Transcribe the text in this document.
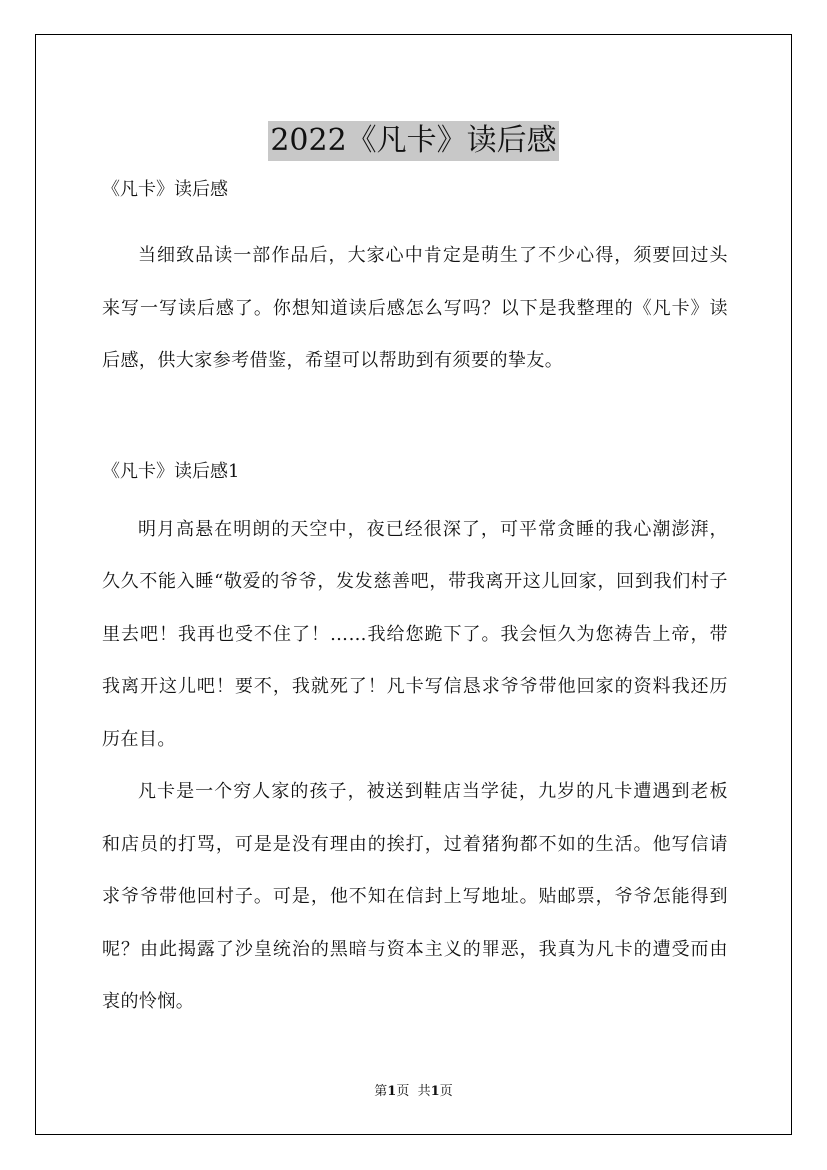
2022《凡卡》读后感

《凡卡》读后感

当细致品读一部作品后，大家心中肯定是萌生了不少心得，须要回过头来写一写读后感了。你想知道读后感怎么写吗？以下是我整理的《凡卡》读后感，供大家参考借鉴，希望可以帮助到有须要的挚友。

《凡卡》读后感1

明月高悬在明朗的天空中，夜已经很深了，可平常贪睡的我心潮澎湃，久久不能入睡“敬爱的爷爷，发发慈善吧，带我离开这儿回家，回到我们村子里去吧！我再也受不住了！……我给您跪下了。我会恒久为您祷告上帝，带我离开这儿吧！要不，我就死了！凡卡写信恳求爷爷带他回家的资料我还历历在目。

凡卡是一个穷人家的孩子，被送到鞋店当学徒，九岁的凡卡遭遇到老板和店员的打骂，可是是没有理由的挨打，过着猪狗都不如的生活。他写信请求爷爷带他回村子。可是，他不知在信封上写地址。贴邮票，爷爷怎能得到呢？由此揭露了沙皇统治的黑暗与资本主义的罪恶，我真为凡卡的遭受而由衷的怜悯。

第1页 共1页
